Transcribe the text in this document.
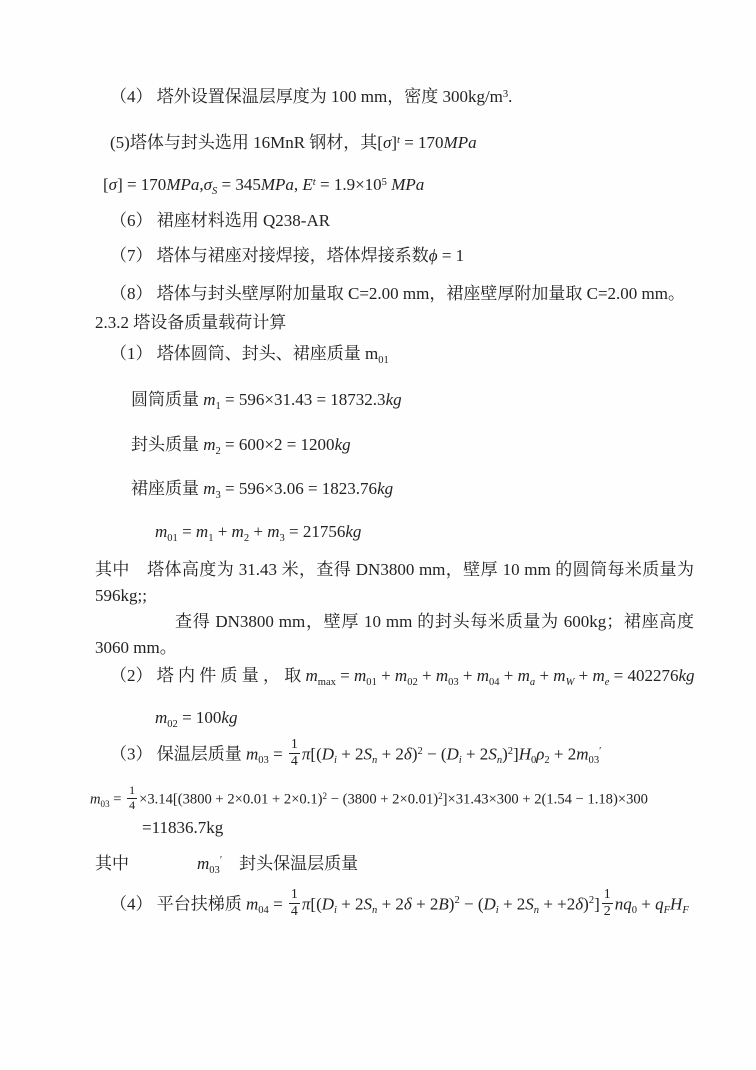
（4） 塔外设置保温层厚度为 100 mm，密度 $300kg/m^3$.

(5)塔体与封头选用 16MnR 钢材，其$[\sigma]^t = 170MPa$

$[\sigma] = 170MPa,\sigma_S = 345MPa$, $E^t = 1.9\times 10^5$ MPa

（6） 裙座材料选用 Q238-AR

（7） 塔体与裙座对接焊接，塔体焊接系数ϕ = 1

（8） 塔体与封头壁厚附加量取 C=2.00 mm，裙座壁厚附加量取 C=2.00 mm。

2.3.2 塔设备质量载荷计算

（1） 塔体圆筒、封头、裙座质量 $m_{01}$

圆筒质量 $m_1 = 596\times 31.43 = 18732.3kg$

封头质量 $m_2 = 600\times 2 = 1200kg$

裙座质量 $m_3 = 596\times 3.06 = 1823.76kg$

$m_{01} = m_1 + m_2 + m_3 = 21756kg$

其中　塔体高度为 31.43 米，查得 DN3800 mm，壁厚 10 mm 的圆筒每米质量为 596kg;;

查得 DN3800 mm，壁厚 10 mm 的封头每米质量为 600kg；裙座高度 3060 mm。

（2） 塔 内 件 质 量 ， 取 $m_{max} = m_{01} + m_{02} + m_{03} + m_{04} + m_a + m_W + m_e = 402276kg$

$m_{02} = 100kg$

（3） 保温层质量 $m_{03} = \frac{1}{4} \pi[(D_i + 2S_n + 2\delta)^2 - (D_i + 2S_n)^2]H_0\rho_2 + 2m_{03}'$

$m_{03} = \frac{1}{4} \times 3.14[(3800 + 2\times 0.01 + 2\times 0.1)^2 - (3800 + 2\times 0.01)^2]\times 31.43\times 300 + 2(1.54 - 1.18)\times 300$

=11836.7kg

其中　　　　$m_{03}'$　封头保温层质量

（4） 平台扶梯质 $m_{04} = \frac{1}{4} \pi[(D_i + 2S_n + 2\delta + 2B)^2 - (D_i + 2S_n + +2\delta)^2] \frac{1}{2} nq_0 + q_FH_F$
